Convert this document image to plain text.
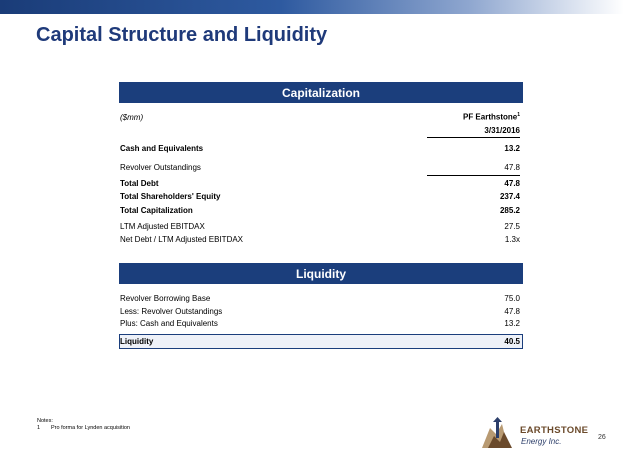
Capital Structure and Liquidity
Capitalization
($mm)	PF Earthstone$^1$
3/31/2016
Cash and Equivalents	13.2
Revolver Outstandings	47.8
Total Debt	47.8
Total Shareholders' Equity	237.4
Total Capitalization	285.2
LTM Adjusted EBITDAX	27.5
Net Debt / LTM Adjusted EBITDAX	1.3x
Liquidity
Revolver Borrowing Base	75.0
Less: Revolver Outstandings	47.8
Plus: Cash and Equivalents	13.2
Liquidity	40.5
Notes:
1 Pro forma for Lynden acquisition	EARTHSTONE
Energy Inc.	26
